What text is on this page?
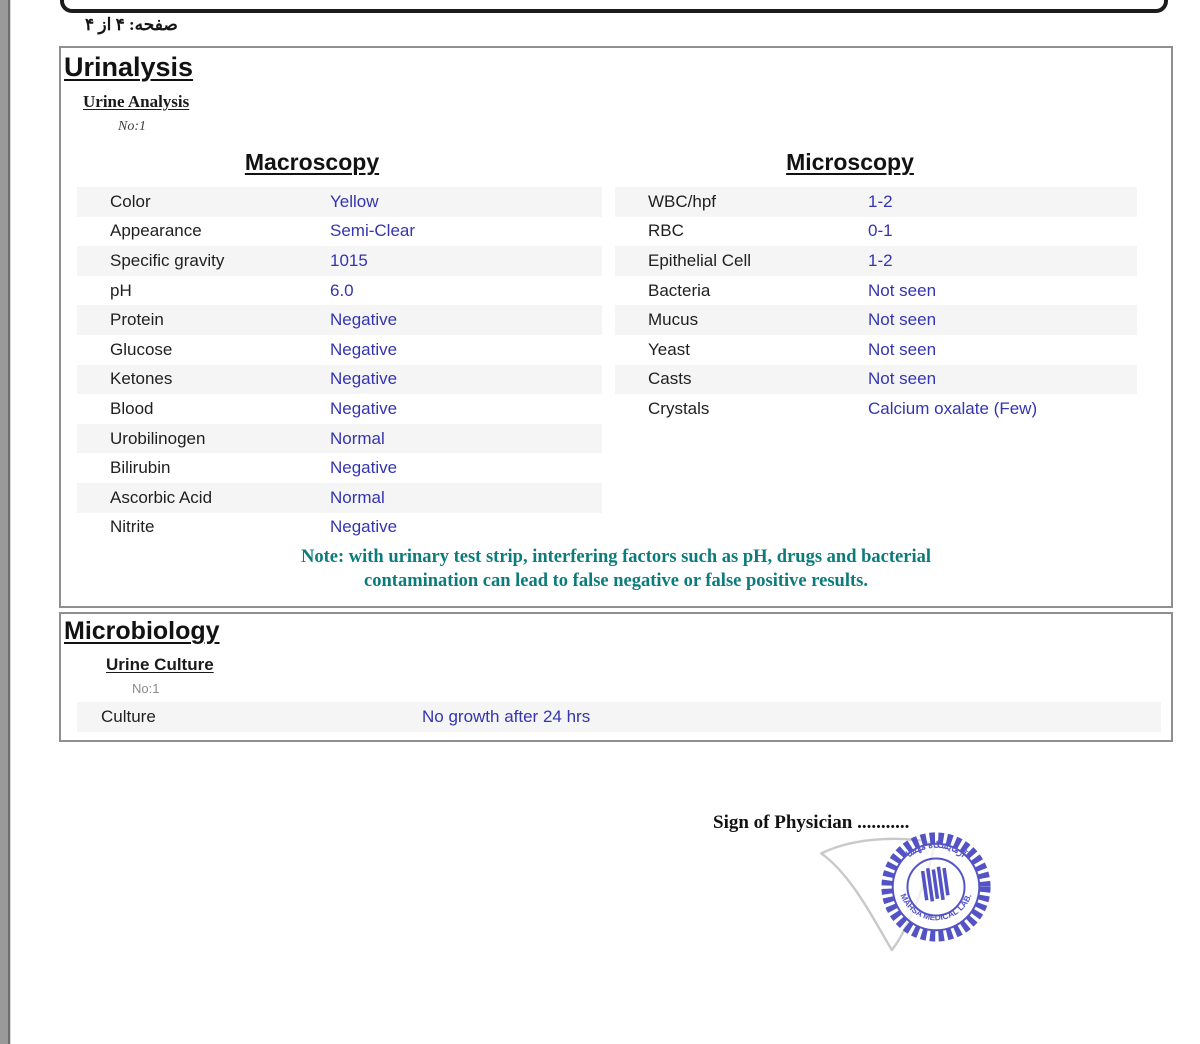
صفحه: ۴ از ۴
Urinalysis
Urine Analysis
No:1
Macroscopy	Microscopy
Color	Yellow
Appearance	Semi-Clear
Specific gravity	1015
pH	6.0
Protein	Negative
Glucose	Negative
Ketones	Negative
Blood	Negative
Urobilinogen	Normal
Bilirubin	Negative
Ascorbic Acid	Normal
Nitrite	Negative
WBC/hpf	1-2
RBC	0-1
Epithelial Cell	1-2
Bacteria	Not seen
Mucus	Not seen
Yeast	Not seen
Casts	Not seen
Crystals	Calcium oxalate (Few)
Note: with urinary test strip, interfering factors such as pH, drugs and bacterial
contamination can lead to false negative or false positive results.
Microbiology
Urine Culture
No:1
Culture	No growth after 24 hrs
Sign of Physician ...........
آزمایشگاه مهسا
MAHSA MEDICAL LAB.
